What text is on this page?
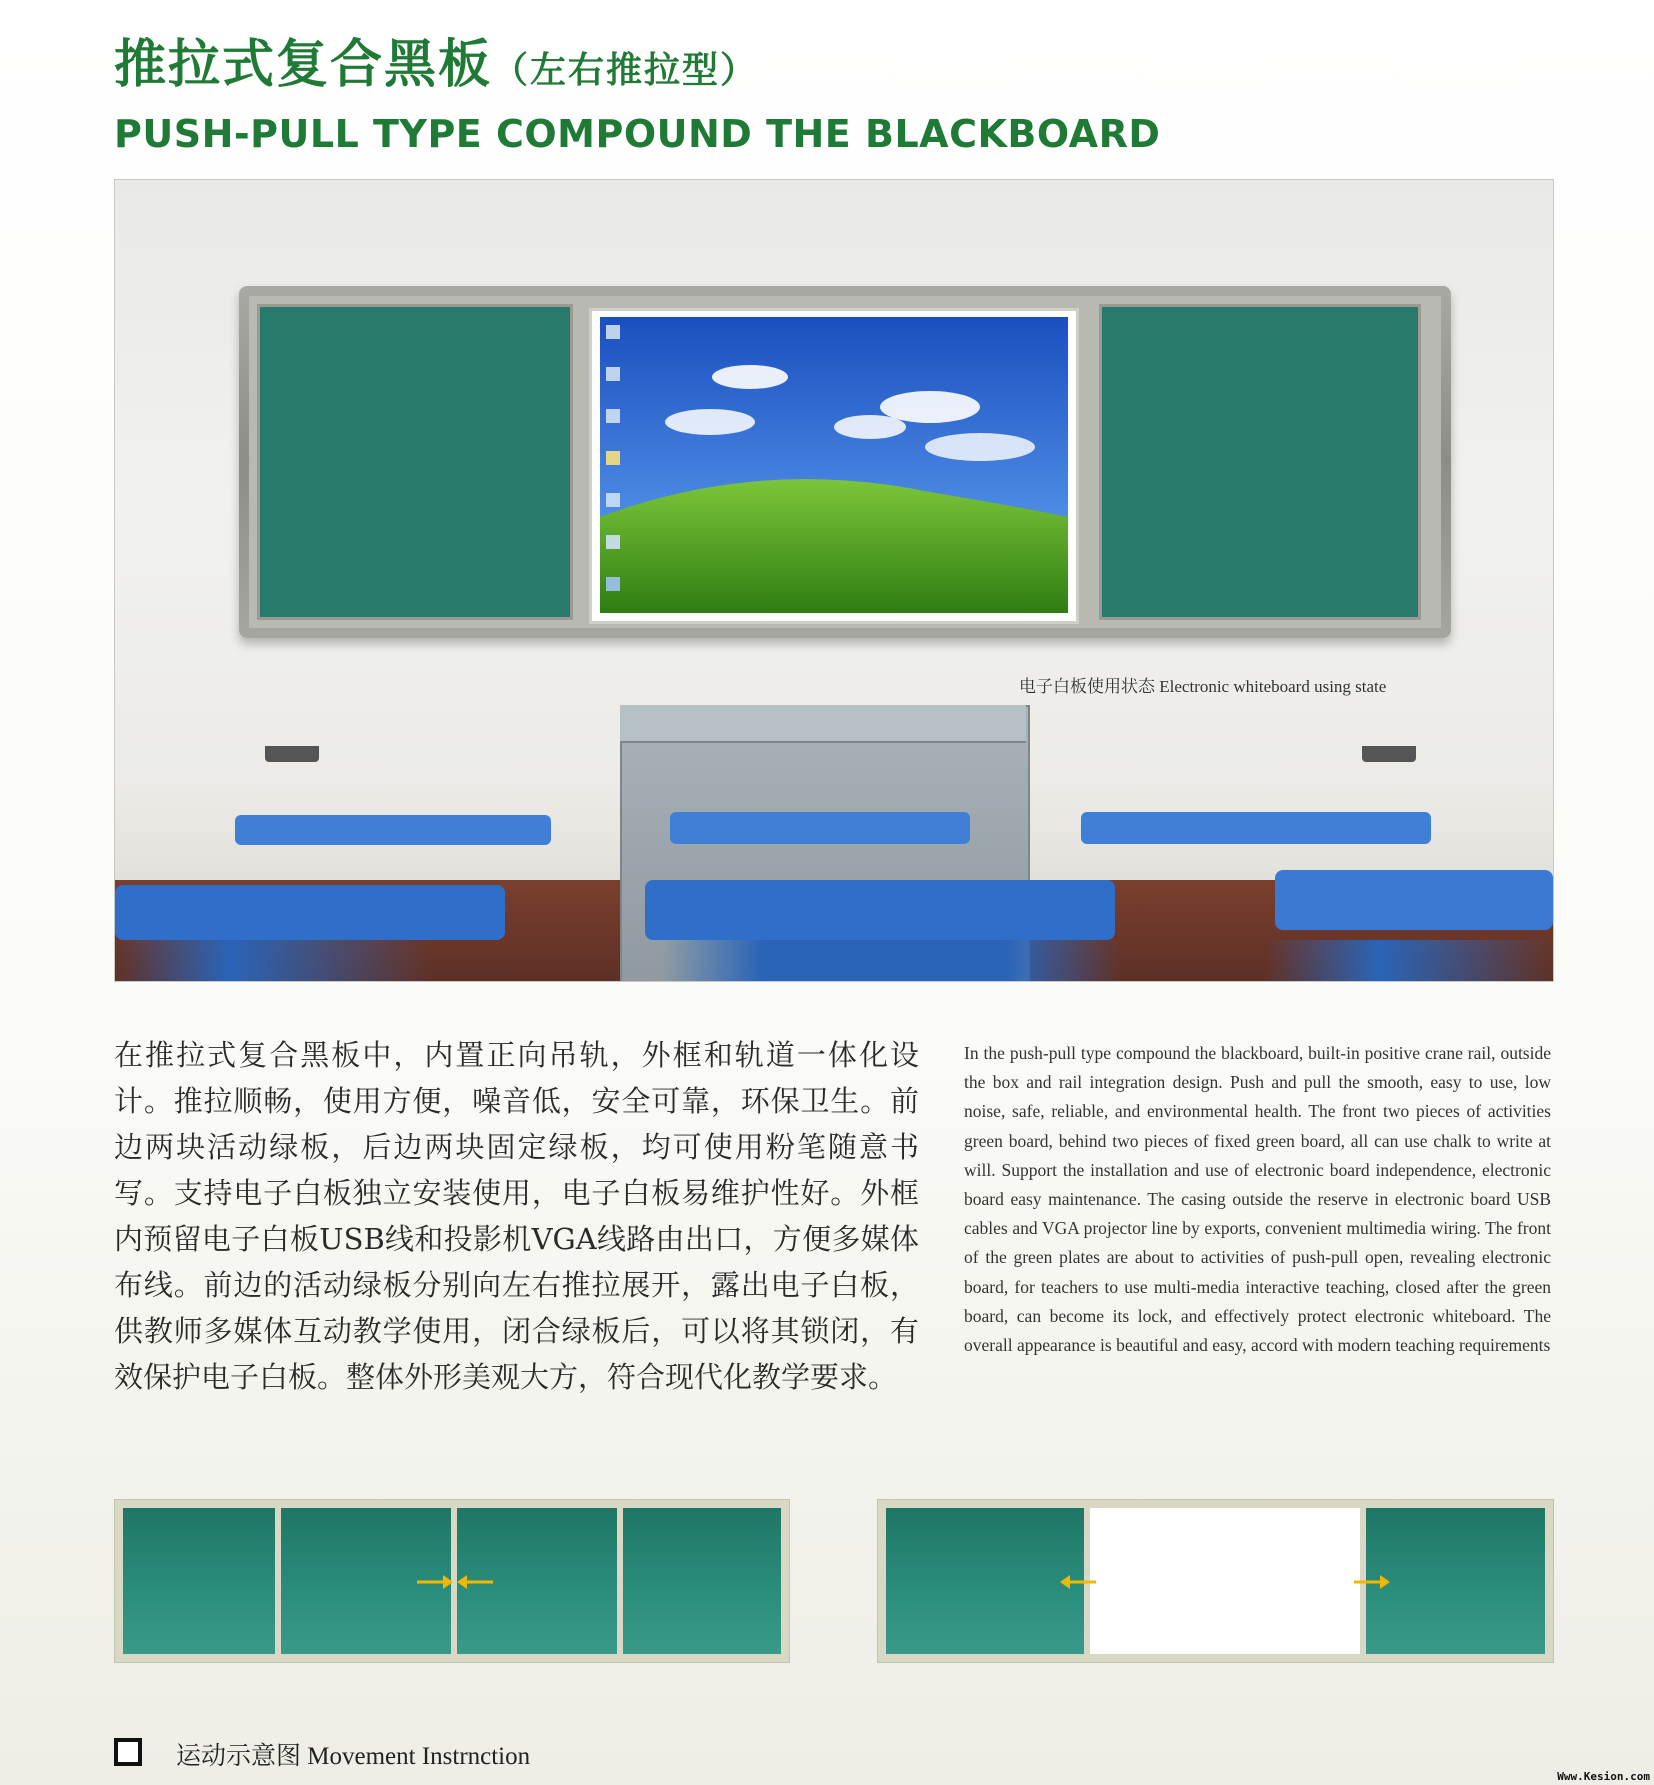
推拉式复合黑板（左右推拉型）
PUSH-PULL TYPE COMPOUND THE BLACKBOARD
电子白板使用状态 Electronic whiteboard using state
在推拉式复合黑板中，内置正向吊轨，外框和轨道一体化设计。推拉顺畅，使用方便，噪音低，安全可靠，环保卫生。前边两块活动绿板，后边两块固定绿板，均可使用粉笔随意书写。支持电子白板独立安装使用，电子白板易维护性好。外框内预留电子白板USB线和投影机VGA线路由出口，方便多媒体布线。前边的活动绿板分别向左右推拉展开，露出电子白板，供教师多媒体互动教学使用，闭合绿板后，可以将其锁闭，有效保护电子白板。整体外形美观大方，符合现代化教学要求。
In the push-pull type compound the blackboard, built-in positive crane rail, outside the box and rail integration design. Push and pull the smooth, easy to use, low noise, safe, reliable, and environmental health. The front two pieces of activities green board, behind two pieces of fixed green board, all can use chalk to write at will. Support the installation and use of electronic board independence, electronic board easy maintenance. The casing outside the reserve in electronic board USB cables and VGA projector line by exports, convenient multimedia wiring. The front of the green plates are about to activities of push-pull open, revealing electronic board, for teachers to use multi-media interactive teaching, closed after the green board, can become its lock, and effectively protect electronic whiteboard. The overall appearance is beautiful and easy, accord with modern teaching requirements
运动示意图 Movement Instrnction
Www.Kesion.com
